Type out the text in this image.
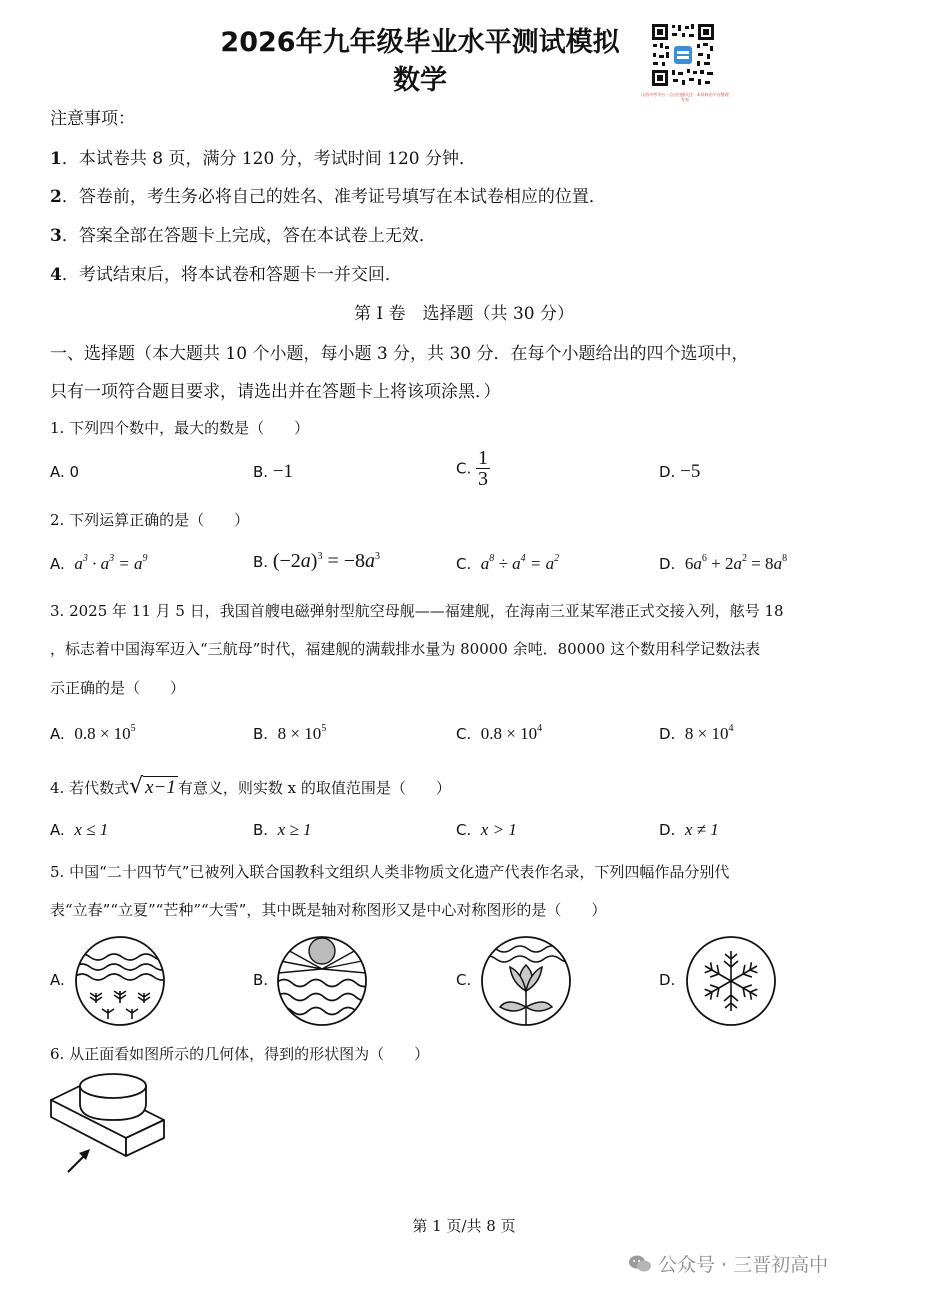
2026年九年级毕业水平测试模拟
数学	山西中考平台 · 点击扫描关注 · 本资料由平台整理发布
注意事项：
1．本试卷共 8 页，满分 120 分，考试时间 120 分钟．
2．答卷前，考生务必将自己的姓名、准考证号填写在本试卷相应的位置．
3．答案全部在答题卡上完成，答在本试卷上无效．
4．考试结束后，将本试卷和答题卡一并交回．
第 I 卷　选择题（共 30 分）
一、选择题（本大题共 10 个小题，每小题 3 分，共 30 分．在每个小题给出的四个选项中，
只有一项符合题目要求，请选出并在答题卡上将该项涂黑．）
1. 下列四个数中，最大的数是（　　）
A. 0	B. −1	C. $\frac{1}{3}$	D. −5
2. 下列运算正确的是（　　）
A. $a^3 \cdot a^3 = a^9$	B. $(-2a)^3 = -8a^3$	C. $a^8 \div a^4 = a^2$	D. $6a^6 + 2a^2 = 8a^8$
3. 2025 年 11 月 5 日，我国首艘电磁弹射型航空母舰——福建舰，在海南三亚某军港正式交接入列，舷号 18
，标志着中国海军迈入“三航母”时代，福建舰的满载排水量为 80000 余吨．80000 这个数用科学记数法表
示正确的是（　　）
A. $0.8 \times 10^5$	B. $8 \times 10^5$	C. $0.8 \times 10^4$	D. $8 \times 10^4$
4. 若代数式√ x−1 有意义，则实数 x 的取值范围是（　　）
A. x ≤ 1	B. x ≥ 1	C. x > 1	D. x ≠ 1
5. 中国“二十四节气”已被列入联合国教科文组织人类非物质文化遗产代表作名录，下列四幅作品分别代
表“立春”“立夏”“芒种”“大雪”，其中既是轴对称图形又是中心对称图形的是（　　）
A.	B.	C.	D.
6. 从正面看如图所示的几何体，得到的形状图为（　　）
第 1 页/共 8 页
公众号 · 三晋初高中
